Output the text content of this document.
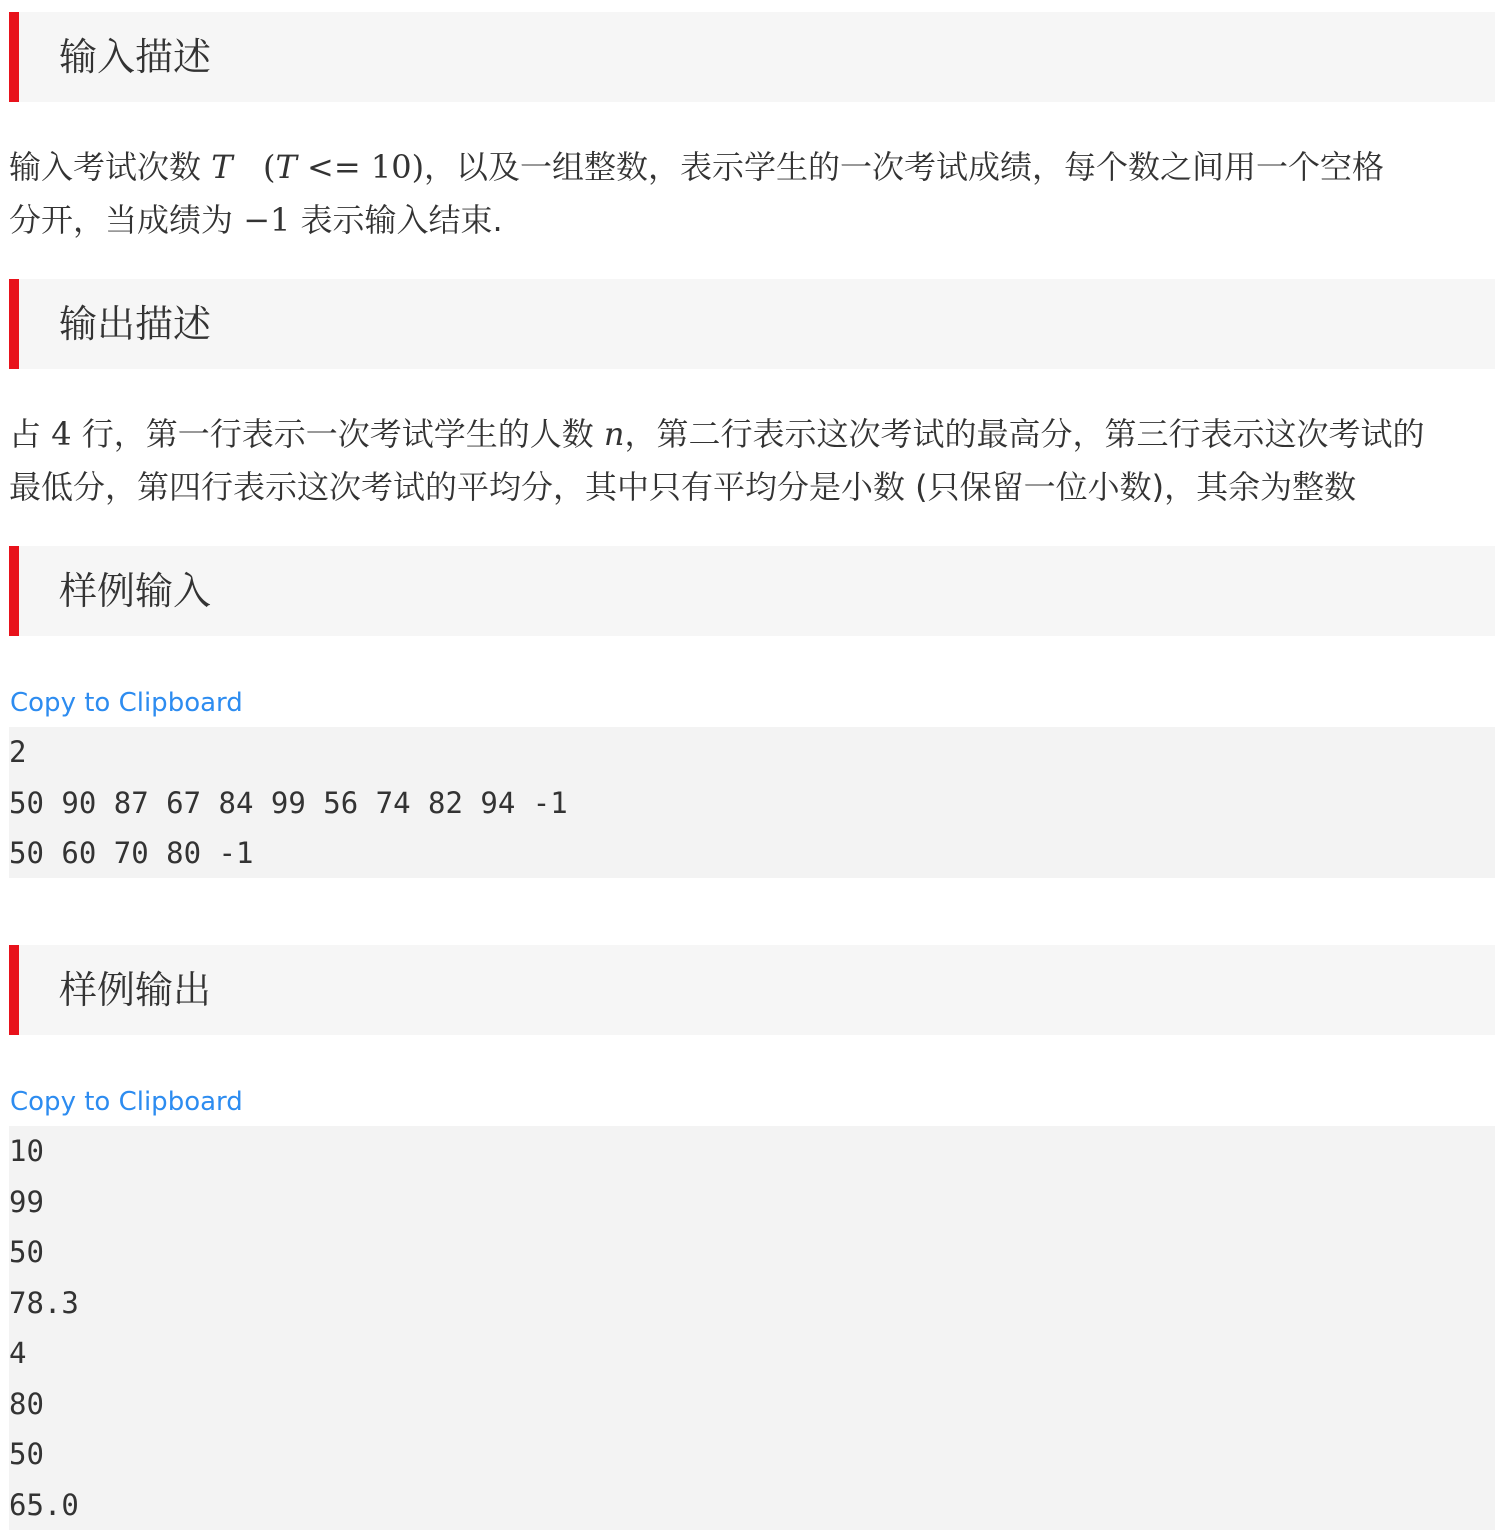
输入描述
输入考试次数 T (T <= 10)，以及一组整数，表示学生的一次考试成绩，每个数之间用一个空格
分开，当成绩为 −1 表示输入结束.
输出描述
占 4 行，第一行表示一次考试学生的人数 n，第二行表示这次考试的最高分，第三行表示这次考试的
最低分，第四行表示这次考试的平均分，其中只有平均分是小数 (只保留一位小数)，其余为整数
样例输入
Copy to Clipboard
2
50 90 87 67 84 99 56 74 82 94 -1
50 60 70 80 -1
样例输出
Copy to Clipboard
10
99
50
78.3
4
80
50
65.0
